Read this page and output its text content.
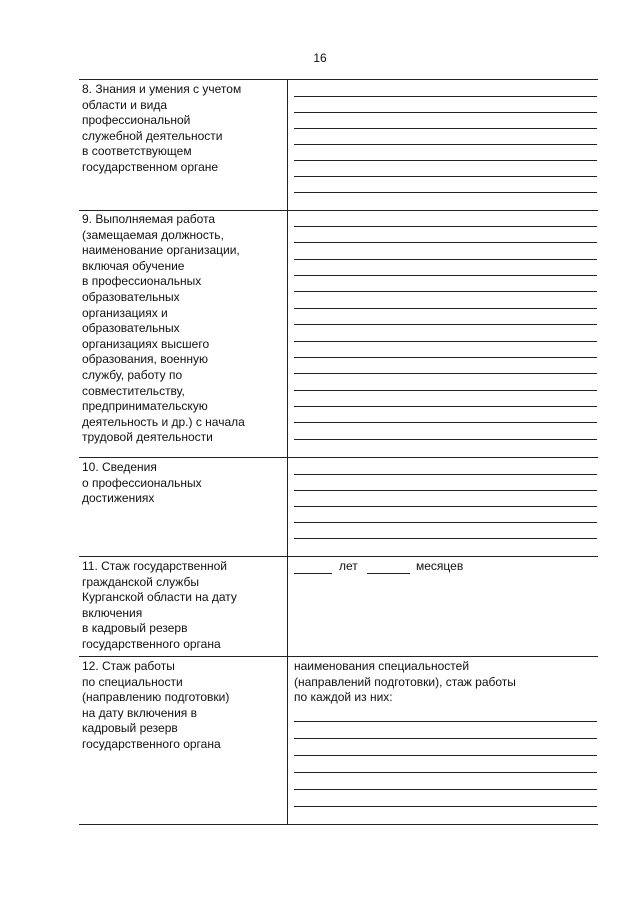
16
8. Знания и умения с учетом
области и вида
профессиональной
служебной деятельности
в соответствующем
государственном органе
9. Выполняемая работа
(замещаемая должность,
наименование организации,
включая обучение
в профессиональных
образовательных
организациях и
образовательных
организациях высшего
образования, военную
службу, работу по
совместительству,
предпринимательскую
деятельность и др.) с начала
трудовой деятельности
10. Сведения
о профессиональных
достижениях
11. Стаж государственной
гражданской службы
Курганской области на дату
включения
в кадровый резерв
государственного органа
лет	месяцев
12. Стаж работы
по специальности
(направлению подготовки)
на дату включения в
кадровый резерв
государственного органа
наименования специальностей
(направлений подготовки), стаж работы
по каждой из них:
